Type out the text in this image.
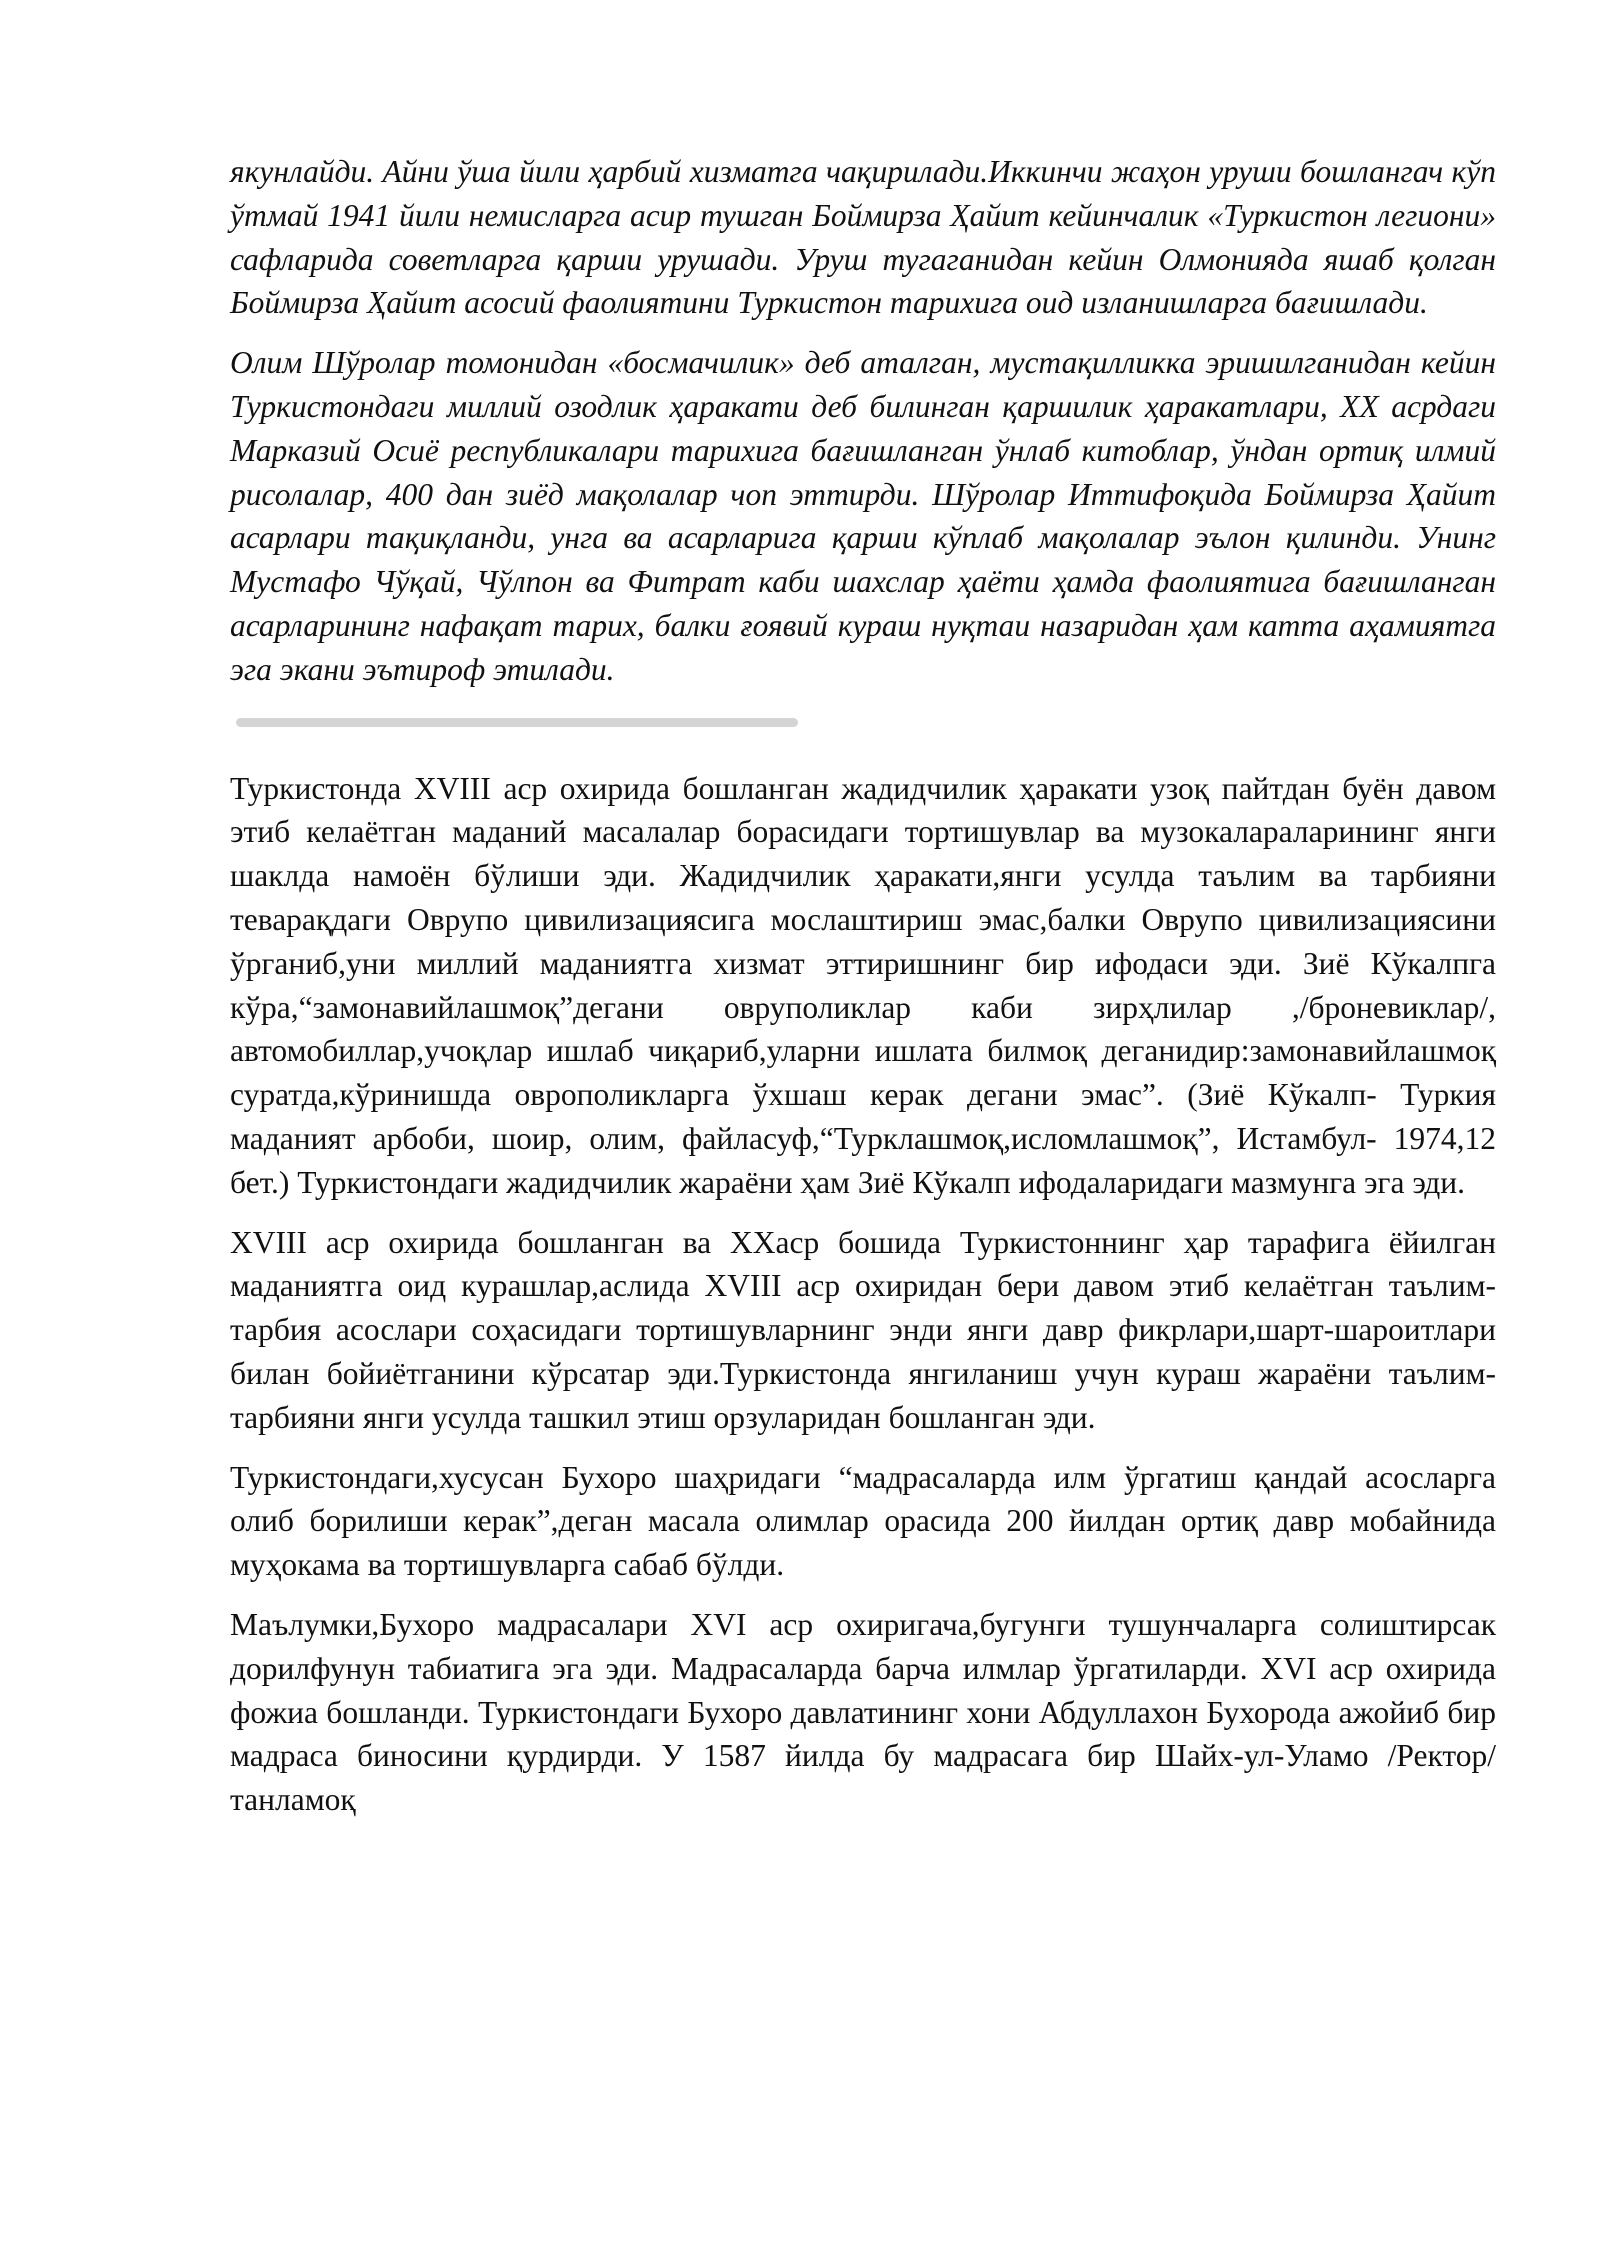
якунлайди. Айни ўша йили ҳарбий хизматга чақирилади.Иккинчи жаҳон уруши бошлангач кўп ўтмай 1941 йили немисларга асир тушган Боймирза Ҳайит кейинчалик «Туркистон легиони» сафларида советларга қарши урушади. Уруш тугаганидан кейин Олмонияда яшаб қолган Боймирза Ҳайит асосий фаолиятини Туркистон тарихига оид изланишларга бағишлади.

Олим Шўролар томонидан «босмачилик» деб аталган, мустақилликка эришилганидан кейин Туркистондаги миллий озодлик ҳаракати деб билинган қаршилик ҳаракатлари, XX асрдаги Марказий Осиё республикалари тарихига бағишланган ўнлаб китоблар, ўндан ортиқ илмий рисолалар, 400 дан зиёд мақолалар чоп эттирди. Шўролар Иттифоқида Боймирза Ҳайит асарлари тақиқланди, унга ва асарларига қарши кўплаб мақолалар эълон қилинди. Унинг Мустафо Чўқай, Чўлпон ва Фитрат каби шахслар ҳаёти ҳамда фаолиятига бағишланган асарларининг нафақат тарих, балки ғоявий кураш нуқтаи назаридан ҳам катта аҳамиятга эга экани эътироф этилади.

Туркистонда XVIII аср охирида бошланган жадидчилик ҳаракати узоқ пайтдан буён давом этиб келаётган маданий масалалар борасидаги тортишувлар ва музокалараларининг янги шаклда намоён бўлиши эди. Жадидчилик ҳаракати,янги усулда таълим ва тарбияни теварақдаги Оврупо цивилизациясига мослаштириш эмас,балки Оврупо цивилизациясини ўрганиб,уни миллий маданиятга хизмат эттиришнинг бир ифодаси эди. Зиё Кўкалпга кўра,“замонавийлашмоқ”дегани овруполиклар каби зирҳлилар ,/броневиклар/, автомобиллар,учоқлар ишлаб чиқариб,уларни ишлата билмоқ деганидир:замонавийлашмоқ суратда,кўринишда оврополикларга ўхшаш керак дегани эмас”. (Зиё Кўкалп- Туркия маданият арбоби, шоир, олим, файласуф,“Турклашмоқ,исломлашмоқ”, Истамбул- 1974,12 бет.) Туркистондаги жадидчилик жараёни ҳам Зиё Кўкалп ифодаларидаги мазмунга эга эди.

XVIII аср охирида бошланган ва XXаср бошида Туркистоннинг ҳар тарафига ёйилган маданиятга оид курашлар,аслида XVIII аср охиридан бери давом этиб келаётган таълим-тарбия асослари соҳасидаги тортишувларнинг энди янги давр фикрлари,шарт-шароитлари билан бойиётганини кўрсатар эди.Туркистонда янгиланиш учун кураш жараёни таълим-тарбияни янги усулда ташкил этиш орзуларидан бошланган эди.

Туркистондаги,хусусан Бухоро шаҳридаги “мадрасаларда илм ўргатиш қандай асосларга олиб борилиши керак”,деган масала олимлар орасида 200 йилдан ортиқ давр мобайнида муҳокама ва тортишувларга сабаб бўлди.

Маълумки,Бухоро мадрасалари XVI аср охиригача,бугунги тушунчаларга солиштирсак дорилфунун табиатига эга эди. Мадрасаларда барча илмлар ўргатиларди. XVI аср охирида фожиа бошланди. Туркистондаги Бухоро давлатининг хони Абдуллахон Бухорода ажойиб бир мадраса биносини қурдирди. У 1587 йилда бу мадрасага бир Шайх-ул-Уламо /Ректор/ танламоқ
